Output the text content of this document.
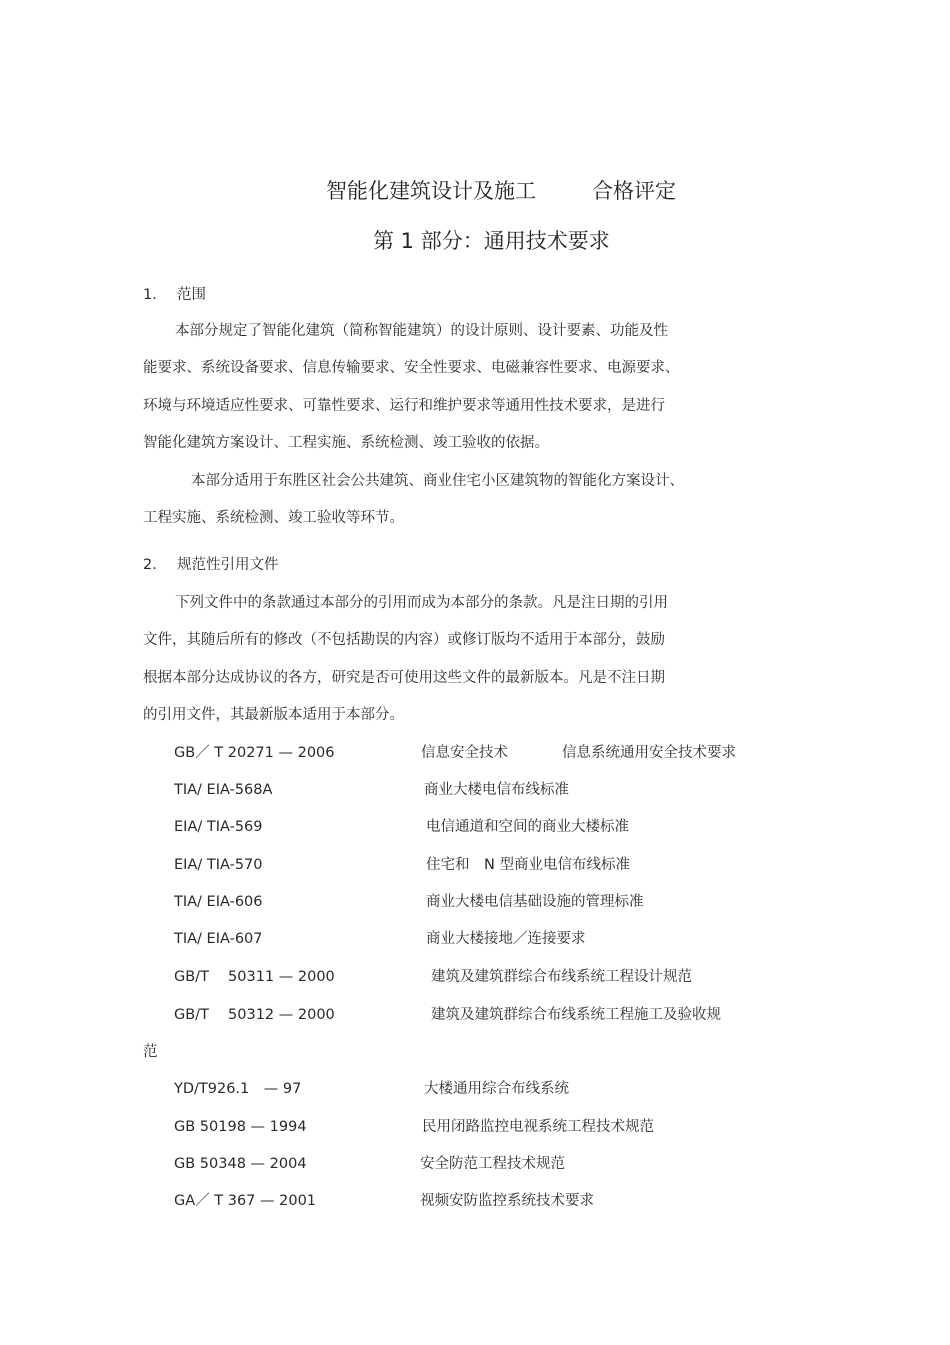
智能化建筑设计及施工	合格评定
第 1 部分：通用技术要求
1. 范围
本部分规定了智能化建筑（简称智能建筑）的设计原则、设计要素、功能及性
能要求、系统设备要求、信息传输要求、安全性要求、电磁兼容性要求、电源要求、
环境与环境适应性要求、可靠性要求、运行和维护要求等通用性技术要求，是进行
智能化建筑方案设计、工程实施、系统检测、竣工验收的依据。
本部分适用于东胜区社会公共建筑、商业住宅小区建筑物的智能化方案设计、
工程实施、系统检测、竣工验收等环节。
2. 规范性引用文件
下列文件中的条款通过本部分的引用而成为本部分的条款。凡是注日期的引用
文件，其随后所有的修改（不包括勘误的内容）或修订版均不适用于本部分，鼓励
根据本部分达成协议的各方，研究是否可使用这些文件的最新版本。凡是不注日期
的引用文件，其最新版本适用于本部分。
GB／ T 20271 — 2006	信息安全技术	信息系统通用安全技术要求
TIA/ EIA-568A	商业大楼电信布线标准
EIA/ TIA-569	电信通道和空间的商业大楼标准
EIA/ TIA-570	住宅和　N 型商业电信布线标准
TIA/ EIA-606	商业大楼电信基础设施的管理标准
TIA/ EIA-607	商业大楼接地／连接要求
GB/T　 50311 — 2000	建筑及建筑群综合布线系统工程设计规范
GB/T　 50312 — 2000	建筑及建筑群综合布线系统工程施工及验收规
范
YD/T926.1　— 97	大楼通用综合布线系统
GB 50198 — 1994	民用闭路监控电视系统工程技术规范
GB 50348 — 2004	安全防范工程技术规范
GA／ T 367 — 2001	视频安防监控系统技术要求
